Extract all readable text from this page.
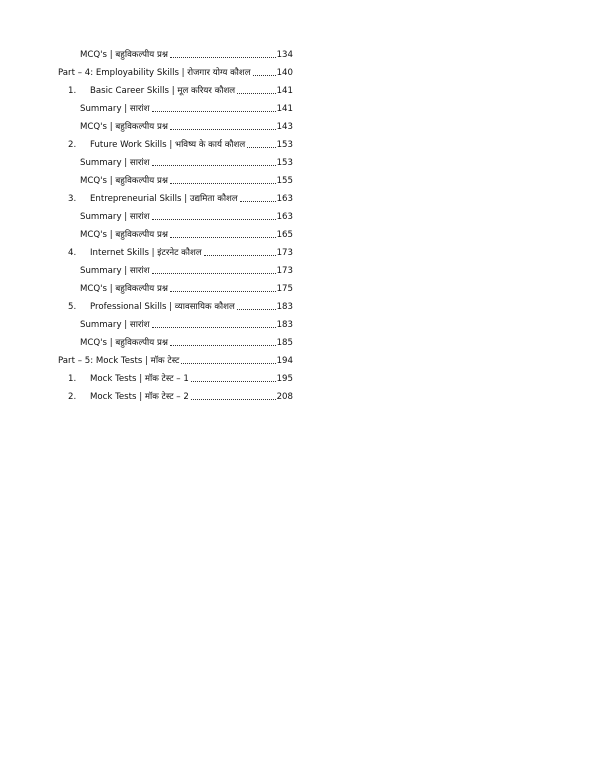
MCQ's | बहुविकल्पीय प्रश्न	134
Part – 4: Employability Skills | रोजगार योग्य कौशल	140
1.	Basic Career Skills | मूल करियर कौशल	141
Summary | सारांश	141
MCQ's | बहुविकल्पीय प्रश्न	143
2.	Future Work Skills | भविष्य के कार्य कौशल	153
Summary | सारांश	153
MCQ's | बहुविकल्पीय प्रश्न	155
3.	Entrepreneurial Skills | उद्यमिता कौशल	163
Summary | सारांश	163
MCQ's | बहुविकल्पीय प्रश्न	165
4.	Internet Skills | इंटरनेट कौशल	173
Summary | सारांश	173
MCQ's | बहुविकल्पीय प्रश्न	175
5.	Professional Skills | व्यावसायिक कौशल	183
Summary | सारांश	183
MCQ's | बहुविकल्पीय प्रश्न	185
Part – 5: Mock Tests | मॉक टेस्ट	194
1.	Mock Tests | मॉक टेस्ट – 1	195
2.	Mock Tests | मॉक टेस्ट – 2	208
